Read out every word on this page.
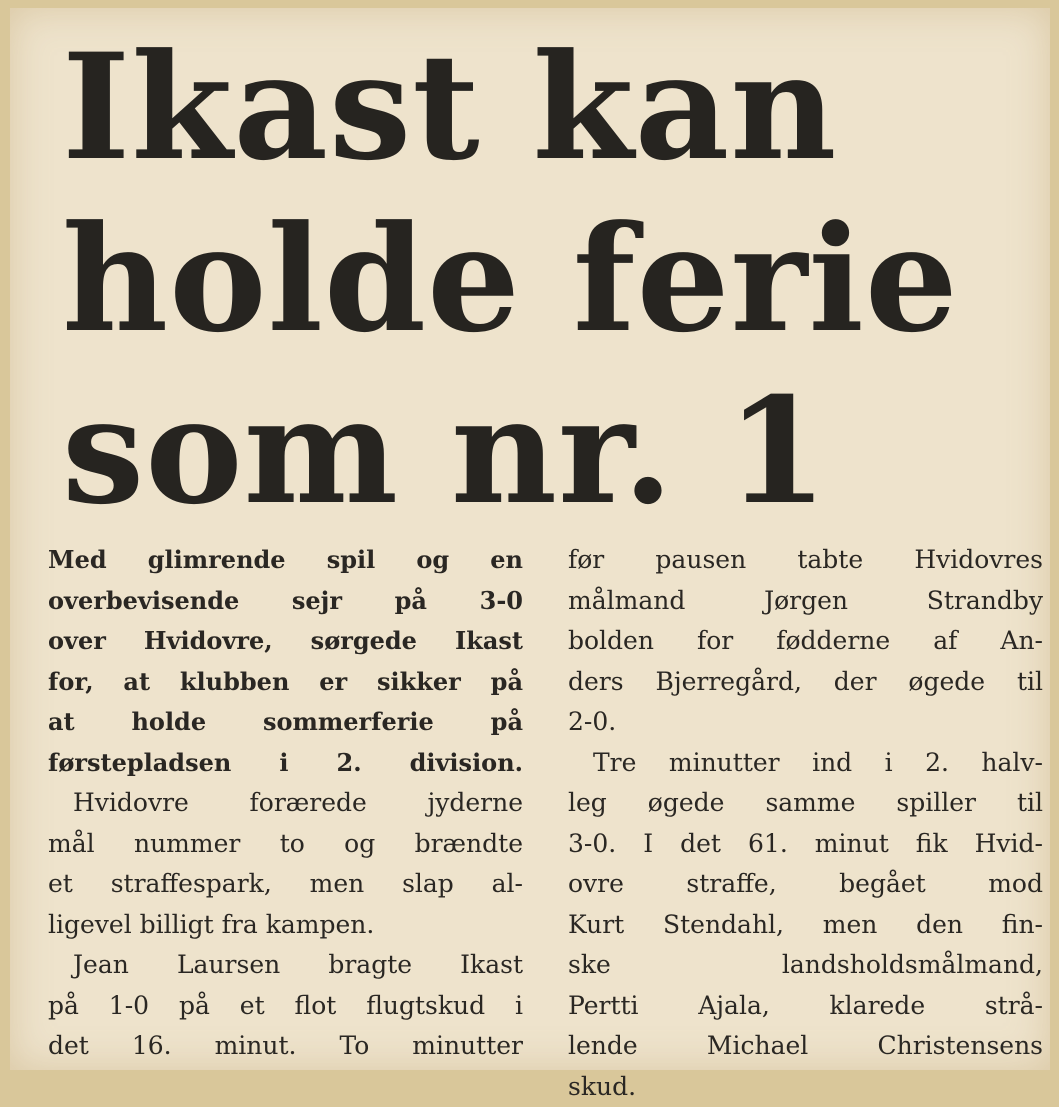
Ikast kan
holde ferie
som nr. 1
Med glimrende spil og en
overbevisende sejr på 3-0
over Hvidovre, sørgede Ikast
for, at klubben er sikker på
at holde sommerferie på
førstepladsen i 2. division.
Hvidovre forærede jyderne
mål nummer to og brændte
et straffespark, men slap al-
ligevel billigt fra kampen.
Jean Laursen bragte Ikast
på 1-0 på et flot flugtskud i
det 16. minut. To minutter
før pausen tabte Hvidovres
målmand Jørgen Strandby
bolden for fødderne af An-
ders Bjerregård, der øgede til
2-0.
Tre minutter ind i 2. halv-
leg øgede samme spiller til
3-0. I det 61. minut fik Hvid-
ovre straffe, begået mod
Kurt Stendahl, men den fin-
ske landsholdsmålmand,
Pertti Ajala, klarede strå-
lende Michael Christensens
skud.
